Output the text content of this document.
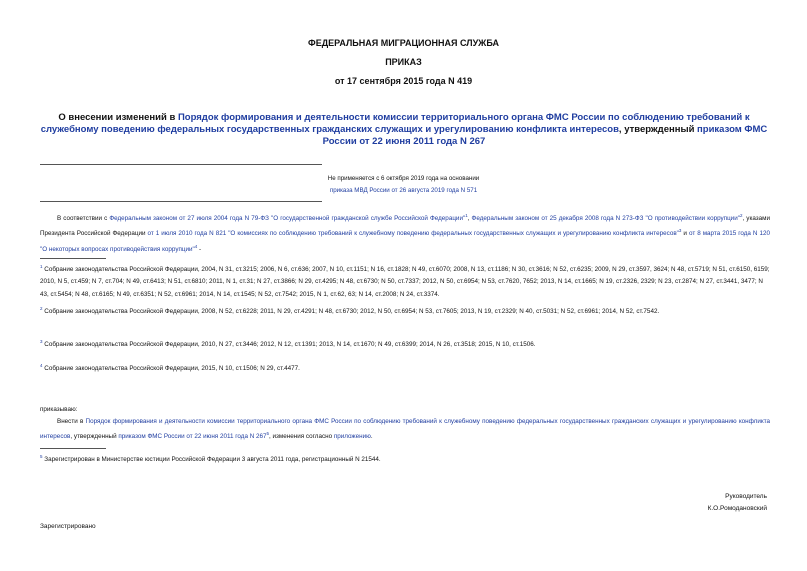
ФЕДЕРАЛЬНАЯ МИГРАЦИОННАЯ СЛУЖБА
ПРИКАЗ
от 17 сентября 2015 года N 419
О внесении изменений в Порядок формирования и деятельности комиссии территориального органа ФМС России по соблюдению требований к служебному поведению федеральных государственных гражданских служащих и урегулированию конфликта интересов, утвержденный приказом ФМС России от 22 июня 2011 года N 267
Не применяется с 6 октября 2019 года на основании
приказа МВД России от 26 августа 2019 года N 571
В соответствии с Федеральным законом от 27 июля 2004 года N 79-ФЗ "О государственной гражданской службе Российской Федерации"$^1$, Федеральным законом от 25 декабря 2008 года N 273-ФЗ "О противодействии коррупции"$^2$, указами Президента Российской Федерации от 1 июля 2010 года N 821 "О комиссиях по соблюдению требований к служебному поведению федеральных государственных служащих и урегулированию конфликта интересов"$^3$ и от 8 марта 2015 года N 120 "О некоторых вопросах противодействия коррупции"$^4$ -
$^1$ Собрание законодательства Российской Федерации, 2004, N 31, ст.3215; 2006, N 6, ст.636; 2007, N 10, ст.1151; N 16, ст.1828; N 49, ст.6070; 2008, N 13, ст.1186; N 30, ст.3616; N 52, ст.6235; 2009, N 29, ст.3597, 3624; N 48, ст.5719; N 51, ст.6150, 6159; 2010, N 5, ст.459; N 7, ст.704; N 49, ст.6413; N 51, ст.6810; 2011, N 1, ст.31; N 27, ст.3866; N 29, ст.4295; N 48, ст.6730; N 50, ст.7337; 2012, N 50, ст.6954; N 53, ст.7620, 7652; 2013, N 14, ст.1665; N 19, ст.2326, 2329; N 23, ст.2874; N 27, ст.3441, 3477; N 43, ст.5454; N 48, ст.6165; N 49, ст.6351; N 52, ст.6961; 2014, N 14, ст.1545; N 52, ст.7542; 2015, N 1, ст.62, 63; N 14, ст.2008; N 24, ст.3374.
$^2$ Собрание законодательства Российской Федерации, 2008, N 52, ст.6228; 2011, N 29, ст.4291; N 48, ст.6730; 2012, N 50, ст.6954; N 53, ст.7605; 2013, N 19, ст.2329; N 40, ст.5031; N 52, ст.6961; 2014, N 52, ст.7542.
$^3$ Собрание законодательства Российской Федерации, 2010, N 27, ст.3446; 2012, N 12, ст.1391; 2013, N 14, ст.1670; N 49, ст.6399; 2014, N 26, ст.3518; 2015, N 10, ст.1506.
$^4$ Собрание законодательства Российской Федерации, 2015, N 10, ст.1506; N 29, ст.4477.
приказываю:
Внести в Порядок формирования и деятельности комиссии территориального органа ФМС России по соблюдению требований к служебному поведению федеральных государственных гражданских служащих и урегулированию конфликта интересов, утвержденный приказом ФМС России от 22 июня 2011 года N $267^5$, изменения согласно приложению.
$^5$ Зарегистрирован в Министерстве юстиции Российской Федерации 3 августа 2011 года, регистрационный N 21544.
Руководитель
К.О.Ромодановский
Зарегистрировано
